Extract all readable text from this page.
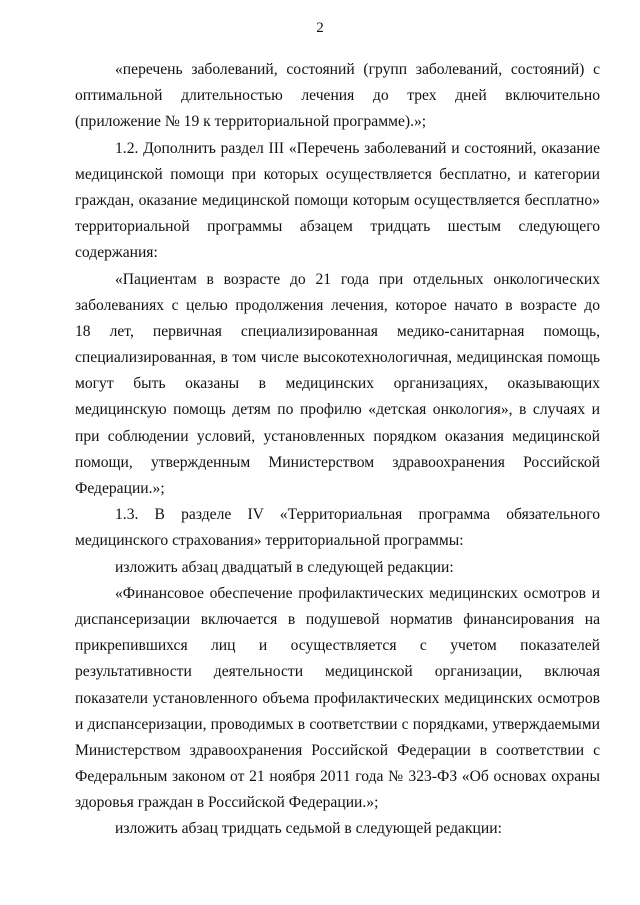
2
«перечень заболеваний, состояний (групп заболеваний, состояний) с
оптимальной длительностью лечения до трех дней включительно
(приложение № 19 к территориальной программе).»;
1.2. Дополнить раздел III «Перечень заболеваний и состояний, оказание
медицинской помощи при которых осуществляется бесплатно, и категории
граждан, оказание медицинской помощи которым осуществляется бесплатно»
территориальной программы абзацем тридцать шестым следующего
содержания:
«Пациентам в возрасте до 21 года при отдельных онкологических
заболеваниях с целью продолжения лечения, которое начато в возрасте до
18 лет, первичная специализированная медико-санитарная помощь,
специализированная, в том числе высокотехнологичная, медицинская помощь
могут быть оказаны в медицинских организациях, оказывающих
медицинскую помощь детям по профилю «детская онкология», в случаях и
при соблюдении условий, установленных порядком оказания медицинской
помощи, утвержденным Министерством здравоохранения Российской
Федерации.»;
1.3. В разделе IV «Территориальная программа обязательного
медицинского страхования» территориальной программы:
изложить абзац двадцатый в следующей редакции:
«Финансовое обеспечение профилактических медицинских осмотров и
диспансеризации включается в подушевой норматив финансирования на
прикрепившихся лиц и осуществляется с учетом показателей
результативности деятельности медицинской организации, включая
показатели установленного объема профилактических медицинских осмотров
и диспансеризации, проводимых в соответствии с порядками, утверждаемыми
Министерством здравоохранения Российской Федерации в соответствии с
Федеральным законом от 21 ноября 2011 года № 323-ФЗ «Об основах охраны
здоровья граждан в Российской Федерации.»;
изложить абзац тридцать седьмой в следующей редакции:
